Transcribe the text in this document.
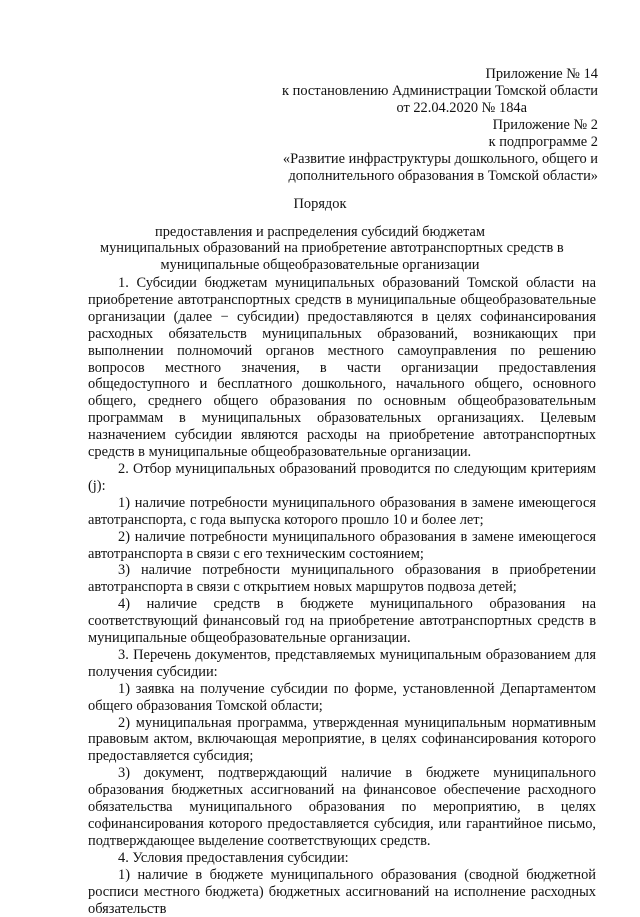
Приложение № 14
к постановлению Администрации Томской области
от 22.04.2020 № 184а
Приложение № 2
к подпрограмме 2
«Развитие инфраструктуры дошкольного, общего и
дополнительного образования в Томской области»
Порядок
предоставления и распределения субсидий бюджетам
муниципальных образований на приобретение автотранспортных средств в
муниципальные общеобразовательные организации

1. Субсидии бюджетам муниципальных образований Томской области на приобретение автотранспортных средств в муниципальные общеобразовательные организации (далее − субсидии) предоставляются в целях софинансирования расходных обязательств муниципальных образований, возникающих при выполнении полномочий органов местного самоуправления по решению вопросов местного значения, в части организации предоставления общедоступного и бесплатного дошкольного, начального общего, основного общего, среднего общего образования по основным общеобразовательным программам в муниципальных образовательных организациях. Целевым назначением субсидии являются расходы на приобретение автотранспортных средств в муниципальные общеобразовательные организации.

2. Отбор муниципальных образований проводится по следующим критериям (j):

1) наличие потребности муниципального образования в замене имеющегося автотранспорта, с года выпуска которого прошло 10 и более лет;

2) наличие потребности муниципального образования в замене имеющегося автотранспорта в связи с его техническим состоянием;

3) наличие потребности муниципального образования в приобретении автотранспорта в связи с открытием новых маршрутов подвоза детей;

4) наличие средств в бюджете муниципального образования на соответствующий финансовый год на приобретение автотранспортных средств в муниципальные общеобразовательные организации.

3. Перечень документов, представляемых муниципальным образованием для получения субсидии:

1) заявка на получение субсидии по форме, установленной Департаментом общего образования Томской области;

2) муниципальная программа, утвержденная муниципальным нормативным правовым актом, включающая мероприятие, в целях софинансирования которого предоставляется субсидия;

3) документ, подтверждающий наличие в бюджете муниципального образования бюджетных ассигнований на финансовое обеспечение расходного обязательства муниципального образования по мероприятию, в целях софинансирования которого предоставляется субсидия, или гарантийное письмо, подтверждающее выделение соответствующих средств.

4. Условия предоставления субсидии:

1) наличие в бюджете муниципального образования (сводной бюджетной росписи местного бюджета) бюджетных ассигнований на исполнение расходных обязательств
